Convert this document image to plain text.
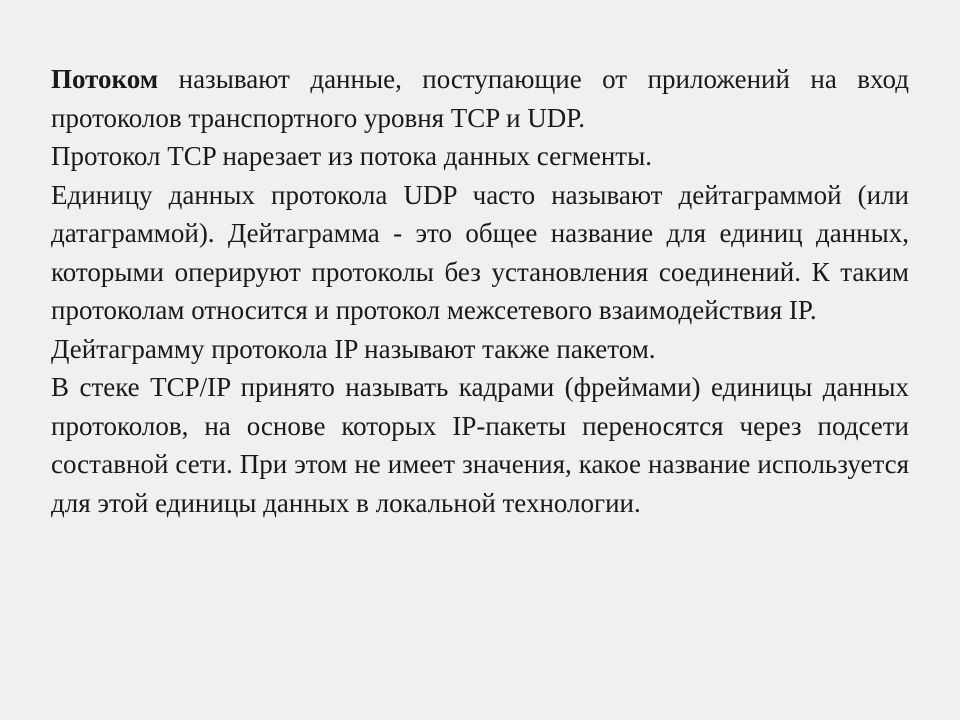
Потоком называют данные, поступающие от приложений на вход протоколов транспортного уровня TCP и UDP.

Протокол TCP нарезает из потока данных сегменты.

Единицу данных протокола UDP часто называют дейтаграммой (или датаграммой). Дейтаграмма - это общее название для единиц данных, которыми оперируют протоколы без установления соединений. К таким протоколам относится и протокол межсетевого взаимодействия IP.

Дейтаграмму протокола IP называют также пакетом.

В стеке TCP/IP принято называть кадрами (фреймами) единицы данных протоколов, на основе которых IP-пакеты переносятся через подсети составной сети. При этом не имеет значения, какое название используется для этой единицы данных в локальной технологии.
